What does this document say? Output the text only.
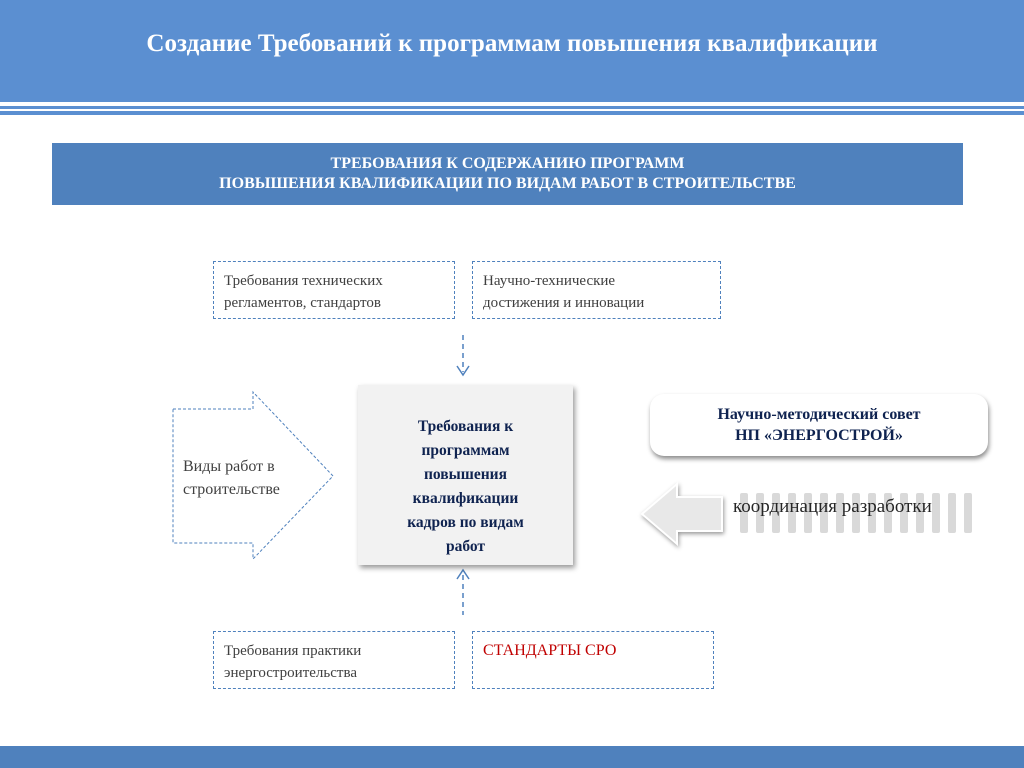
Создание Требований к программам повышения квалификации
ТРЕБОВАНИЯ К СОДЕРЖАНИЮ ПРОГРАММ
ПОВЫШЕНИЯ КВАЛИФИКАЦИИ ПО ВИДАМ РАБОТ В СТРОИТЕЛЬСТВЕ
Требования технических
регламентов, стандартов
Научно-технические
достижения и инновации
Требования практики
энергостроительства
СТАНДАРТЫ СРО
Виды работ в
строительстве
Требования к
программам
повышения
квалификации
кадров по видам
работ
Научно-методический совет
НП «ЭНЕРГОСТРОЙ»
координация разработки
